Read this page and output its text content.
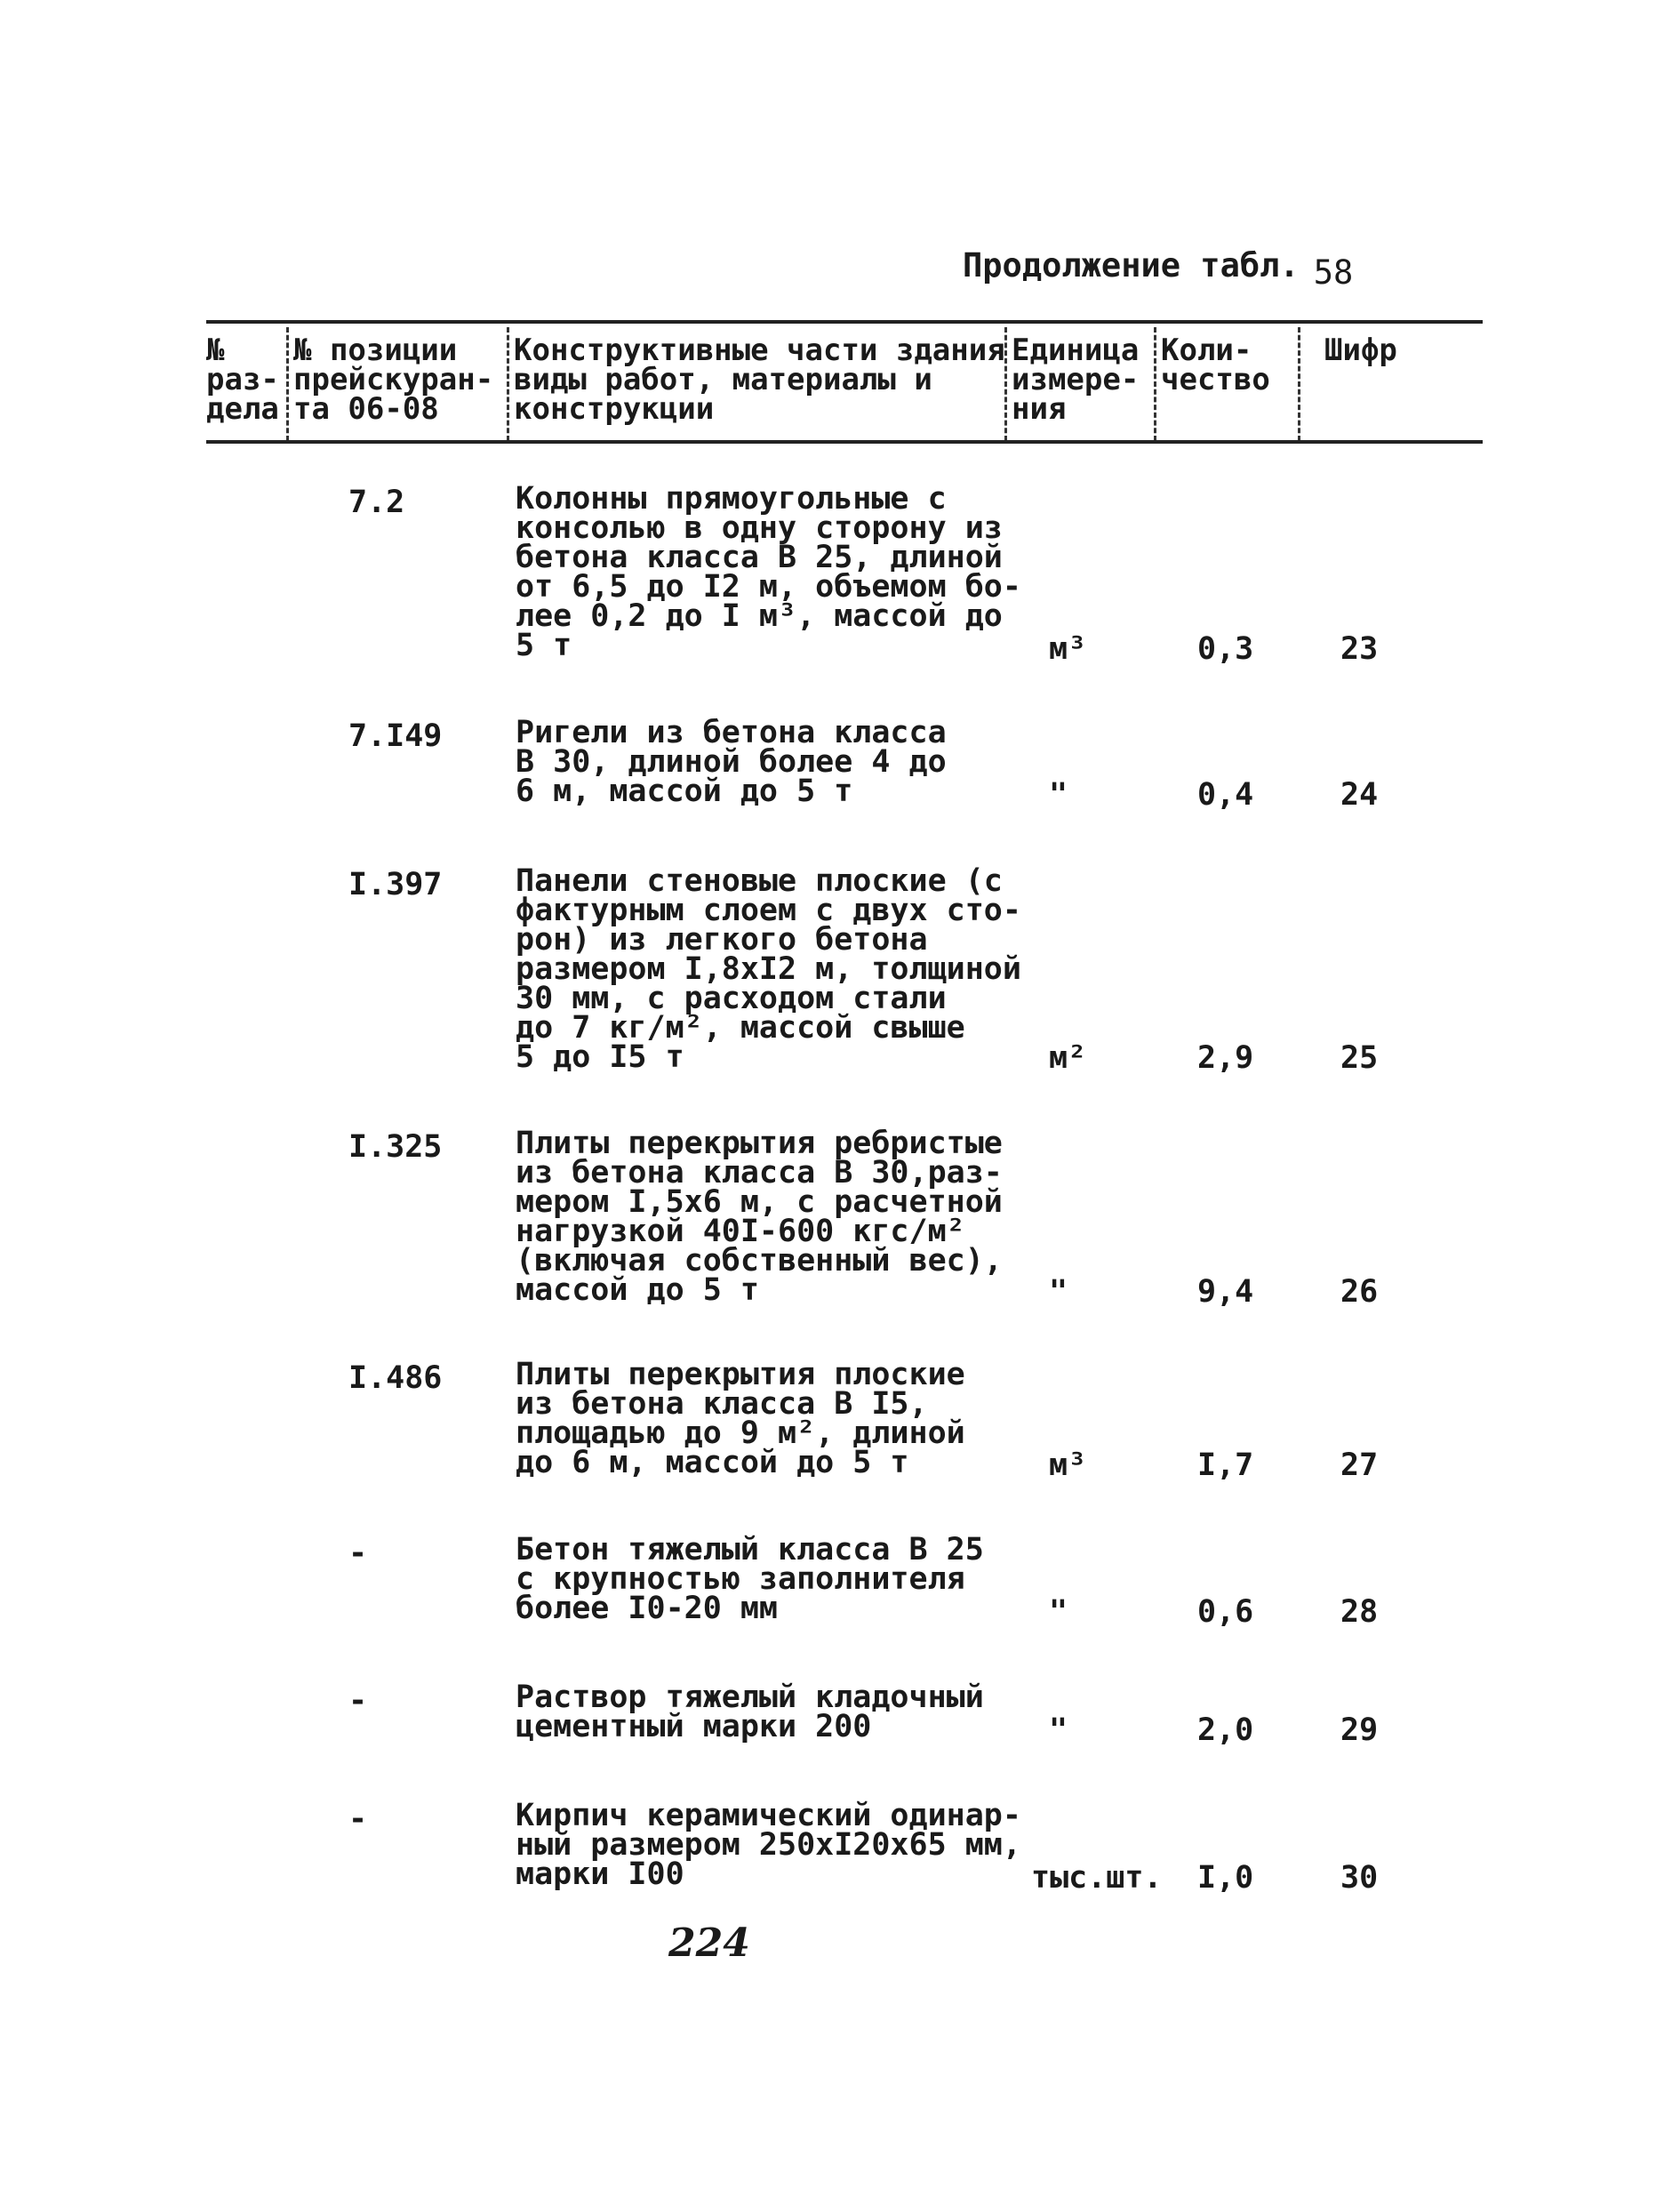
Продолжение табл. 58
№
раз-
дела
№ позиции
прейскуран-
та 06-08
Конструктивные части здания
виды работ, материалы и
конструкции
Единица
измере-
ния
Коли-
чество
Шифр
7.2	Колонны прямоугольные с
консолью в одну сторону из
бетона класса В 25, длиной
от 6,5 до I2 м, объемом бо-
лее 0,2 до I м³, массой до
5 т	м³	0,3	23
7.I49 Ригели из бетона класса
В 30, длиной более 4 до
6 м, массой до 5 т	"	0,4	24
I.397 Панели стеновые плоские (с
фактурным слоем с двух сто-
рон) из легкого бетона
размером I,8хI2 м, толщиной
30 мм, с расходом стали
до 7 кг/м², массой свыше
5 до I5 т	м²	2,9	25
I.325 Плиты перекрытия ребристые
из бетона класса В 30,раз-
мером I,5х6 м, с расчетной
нагрузкой 40I-600 кгс/м²
(включая собственный вес),
массой до 5 т	"	9,4	26
I.486 Плиты перекрытия плоские
из бетона класса В I5,
площадью до 9 м², длиной
до 6 м, массой до 5 т	м³	I,7	27
-	Бетон тяжелый класса В 25
с крупностью заполнителя
более I0-20 мм	"	0,6	28
-	Раствор тяжелый кладочный
цементный марки 200	"	2,0	29
-	Кирпич керамический одинар-
ный размером 250хI20х65 мм,
марки I00	тыс.шт. I,0	30
224
